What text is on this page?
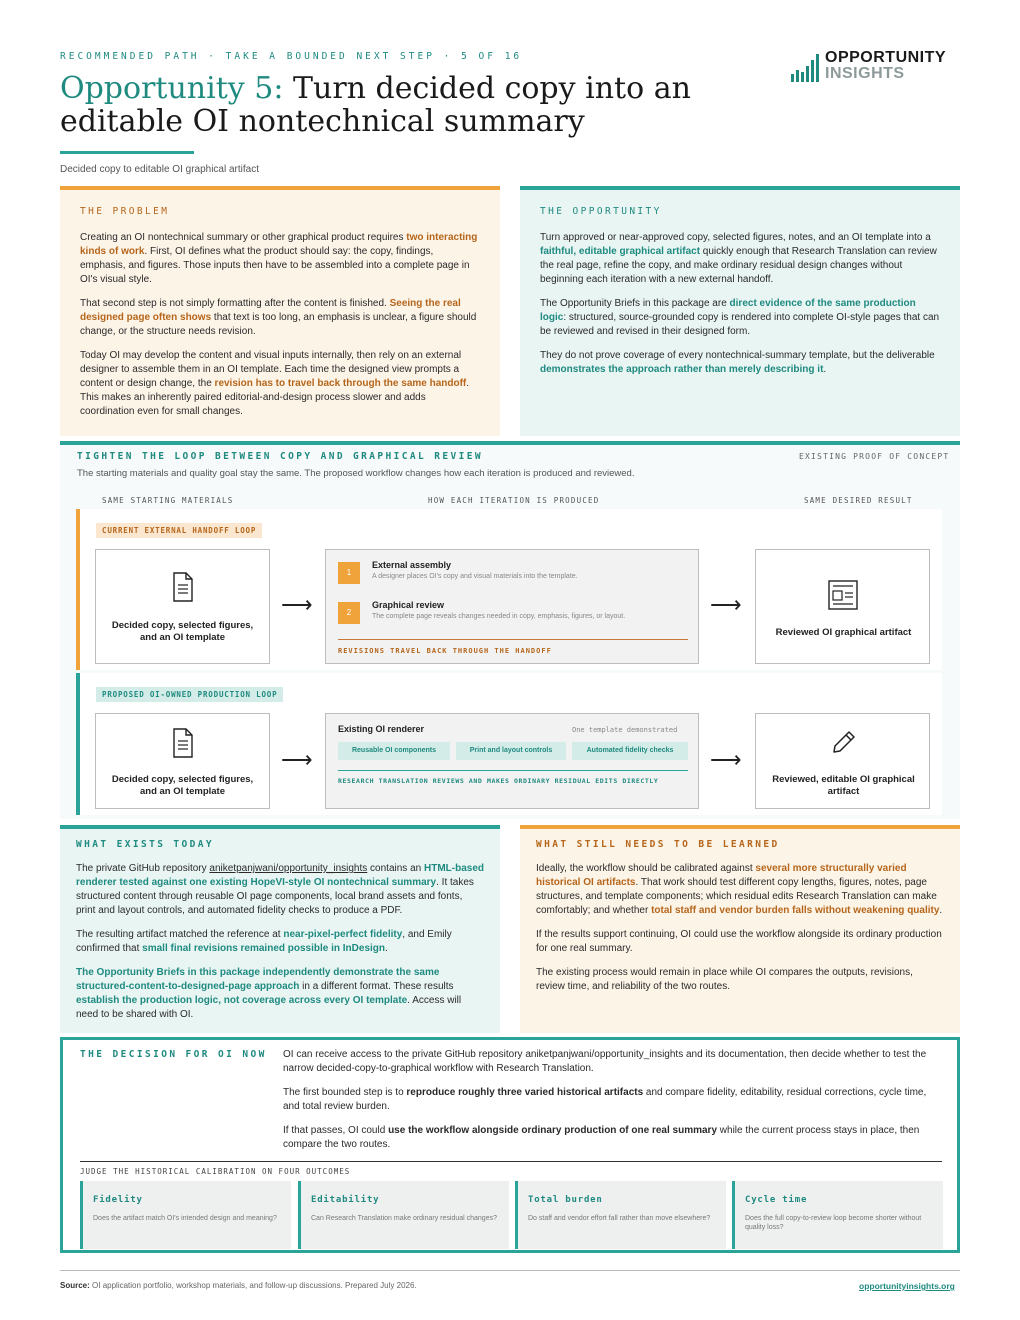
RECOMMENDED PATH · TAKE A BOUNDED NEXT STEP · 5 OF 16
Opportunity 5: Turn decided copy into an
editable OI nontechnical summary
Decided copy to editable OI graphical artifact
OPPORTUNITY
INSIGHTS
THE PROBLEM

Creating an OI nontechnical summary or other graphical product requires two interacting kinds of work. First, OI defines what the product should say: the copy, findings, emphasis, and figures. Those inputs then have to be assembled into a complete page in OI's visual style.

That second step is not simply formatting after the content is finished. Seeing the real designed page often shows that text is too long, an emphasis is unclear, a figure should change, or the structure needs revision.

Today OI may develop the content and visual inputs internally, then rely on an external designer to assemble them in an OI template. Each time the designed view prompts a content or design change, the revision has to travel back through the same handoff. This makes an inherently paired editorial-and-design process slower and adds coordination even for small changes.

THE OPPORTUNITY

Turn approved or near-approved copy, selected figures, notes, and an OI template into a faithful, editable graphical artifact quickly enough that Research Translation can review the real page, refine the copy, and make ordinary residual design changes without beginning each iteration with a new external handoff.

The Opportunity Briefs in this package are direct evidence of the same production logic: structured, source-grounded copy is rendered into complete OI-style pages that can be reviewed and revised in their designed form.

They do not prove coverage of every nontechnical-summary template, but the deliverable demonstrates the approach rather than merely describing it.

TIGHTEN THE LOOP BETWEEN COPY AND GRAPHICAL REVIEW	EXISTING PROOF OF CONCEPT
The starting materials and quality goal stay the same. The proposed workflow changes how each iteration is produced and reviewed.
SAME STARTING MATERIALS	HOW EACH ITERATION IS PRODUCED	SAME DESIRED RESULT
CURRENT EXTERNAL HANDOFF LOOP
Decided copy, selected figures, and an OI template
⟶
1
External assembly
A designer places OI's copy and visual materials into the template.
2
Graphical review
The complete page reveals changes needed in copy, emphasis, figures, or layout.
REVISIONS TRAVEL BACK THROUGH THE HANDOFF
⟶
Reviewed OI graphical artifact
PROPOSED OI-OWNED PRODUCTION LOOP
Decided copy, selected figures, and an OI template
⟶
Existing OI renderer	One template demonstrated
Reusable OI components	Print and layout controls	Automated fidelity checks
RESEARCH TRANSLATION REVIEWS AND MAKES ORDINARY RESIDUAL EDITS DIRECTLY
⟶
Reviewed, editable OI graphical artifact
WHAT EXISTS TODAY

The private GitHub repository aniketpanjwani/opportunity_insights contains an HTML-based renderer tested against one existing HopeVI-style OI nontechnical summary. It takes structured content through reusable OI page components, local brand assets and fonts, print and layout controls, and automated fidelity checks to produce a PDF.

The resulting artifact matched the reference at near-pixel-perfect fidelity, and Emily confirmed that small final revisions remained possible in InDesign.

The Opportunity Briefs in this package independently demonstrate the same structured-content-to-designed-page approach in a different format. These results establish the production logic, not coverage across every OI template. Access will need to be shared with OI.

WHAT STILL NEEDS TO BE LEARNED

Ideally, the workflow should be calibrated against several more structurally varied historical OI artifacts. That work should test different copy lengths, figures, notes, page structures, and template components; which residual edits Research Translation can make comfortably; and whether total staff and vendor burden falls without weakening quality.

If the results support continuing, OI could use the workflow alongside its ordinary production for one real summary.

The existing process would remain in place while OI compares the outputs, revisions, review time, and reliability of the two routes.

THE DECISION FOR OI NOW OI can receive access to the private GitHub repository aniketpanjwani/opportunity_insights and its documentation, then decide whether to test the narrow decided-copy-to-graphical workflow with Research Translation.

The first bounded step is to reproduce roughly three varied historical artifacts and compare fidelity, editability, residual corrections, cycle time, and total review burden.

If that passes, OI could use the workflow alongside ordinary production of one real summary while the current process stays in place, then compare the two routes.

JUDGE THE HISTORICAL CALIBRATION ON FOUR OUTCOMES
Fidelity
Does the artifact match OI's intended design and meaning?
Editability
Can Research Translation make ordinary residual changes?
Total burden
Do staff and vendor effort fall rather than move elsewhere?
Cycle time
Does the full copy-to-review loop become shorter without quality loss?
Source: OI application portfolio, workshop materials, and follow-up discussions. Prepared July 2026.	opportunityinsights.org
